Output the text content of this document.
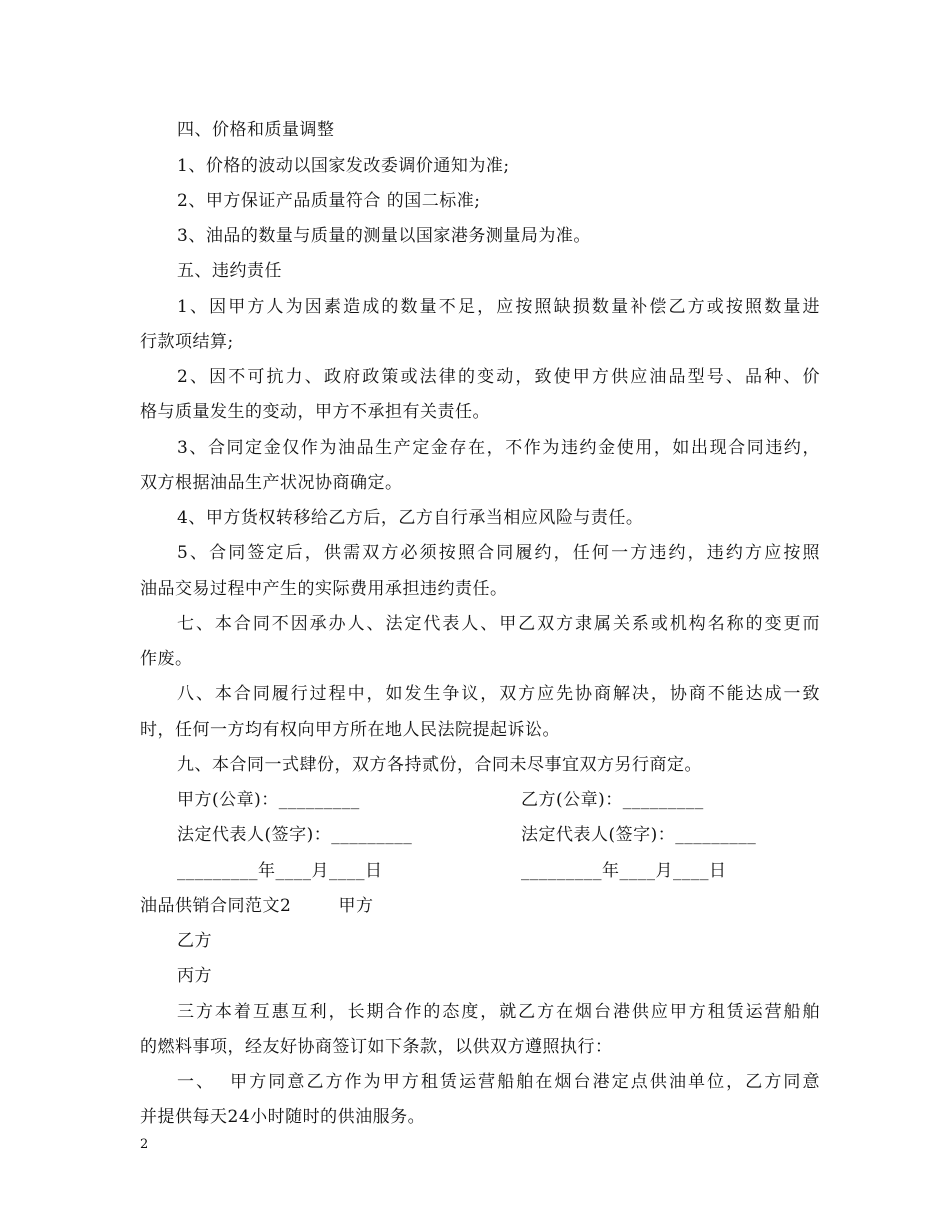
四、价格和质量调整
1、价格的波动以国家发改委调价通知为准;
2、甲方保证产品质量符合 的国二标准;
3、油品的数量与质量的测量以国家港务测量局为准。
五、违约责任
1、因甲方人为因素造成的数量不足，应按照缺损数量补偿乙方或按照数量进
行款项结算;
2、因不可抗力、政府政策或法律的变动，致使甲方供应油品型号、品种、价
格与质量发生的变动，甲方不承担有关责任。
3、合同定金仅作为油品生产定金存在，不作为违约金使用，如出现合同违约，
双方根据油品生产状况协商确定。
4、甲方货权转移给乙方后，乙方自行承当相应风险与责任。
5、合同签定后，供需双方必须按照合同履约，任何一方违约，违约方应按照
油品交易过程中产生的实际费用承担违约责任。
七、本合同不因承办人、法定代表人、甲乙双方隶属关系或机构名称的变更而
作废。
八、本合同履行过程中，如发生争议，双方应先协商解决，协商不能达成一致
时，任何一方均有权向甲方所在地人民法院提起诉讼。
九、本合同一式肆份，双方各持贰份，合同未尽事宜双方另行商定。
甲方(公章)：_________	乙方(公章)：_________
法定代表人(签字)：_________	法定代表人(签字)：_________
_________年____月____日	_________年____月____日
油品供销合同范文2        甲方
乙方
丙方
三方本着互惠互利，长期合作的态度，就乙方在烟台港供应甲方租赁运营船舶
的燃料事项，经友好协商签订如下条款，以供双方遵照执行：
一、  甲方同意乙方作为甲方租赁运营船舶在烟台港定点供油单位，乙方同意
并提供每天24小时随时的供油服务。
2
